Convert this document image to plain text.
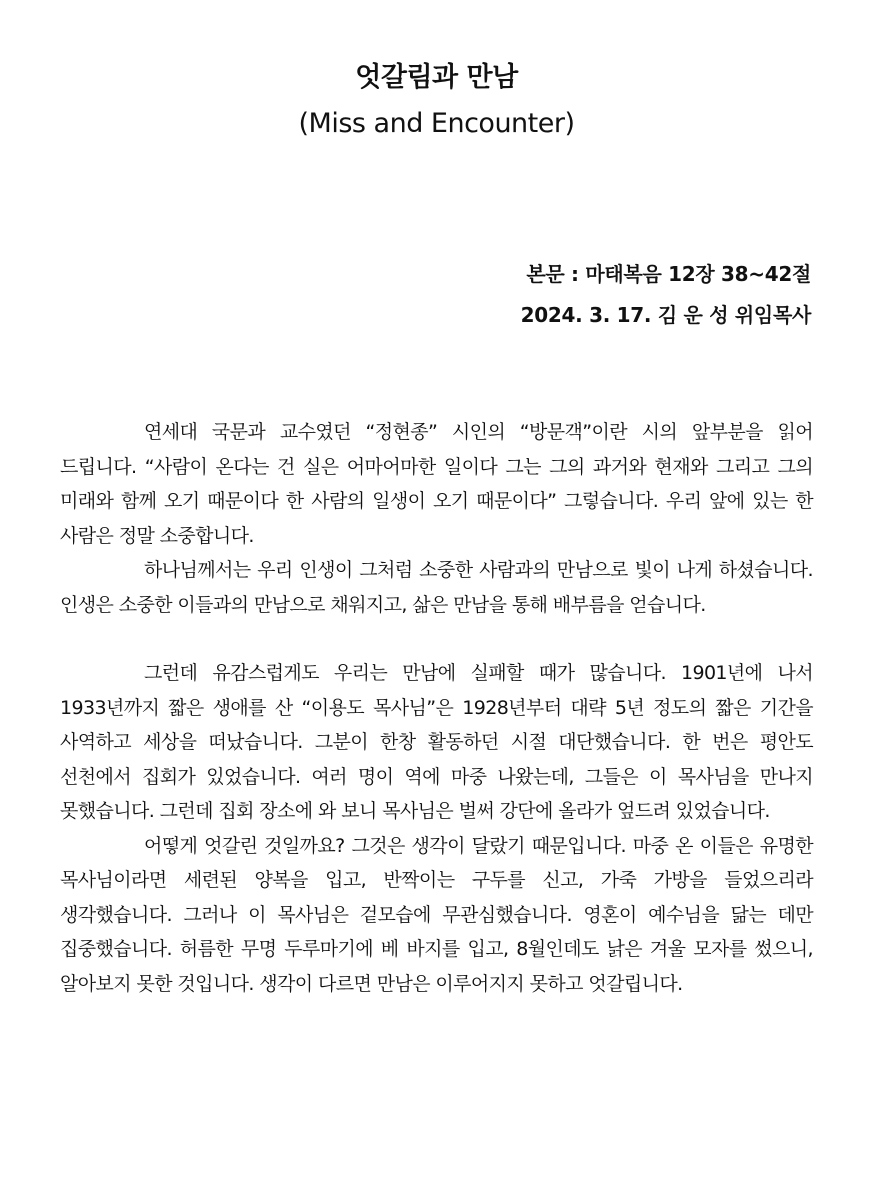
엇갈림과 만남
(Miss and Encounter)
본문 : 마태복음 12장 38~42절
2024. 3. 17. 김 운 성 위임목사

연세대 국문과 교수였던 “정현종” 시인의 “방문객”이란 시의 앞부분을 읽어 드립니다. “사람이 온다는 건 실은 어마어마한 일이다 그는 그의 과거와 현재와 그리고 그의 미래와 함께 오기 때문이다 한 사람의 일생이 오기 때문이다” 그렇습니다. 우리 앞에 있는 한 사람은 정말 소중합니다.

하나님께서는 우리 인생이 그처럼 소중한 사람과의 만남으로 빛이 나게 하셨습니다. 인생은 소중한 이들과의 만남으로 채워지고, 삶은 만남을 통해 배부름을 얻습니다.

그런데 유감스럽게도 우리는 만남에 실패할 때가 많습니다. 1901년에 나서 1933년까지 짧은 생애를 산 “이용도 목사님”은 1928년부터 대략 5년 정도의 짧은 기간을 사역하고 세상을 떠났습니다. 그분이 한창 활동하던 시절 대단했습니다. 한 번은 평안도 선천에서 집회가 있었습니다. 여러 명이 역에 마중 나왔는데, 그들은 이 목사님을 만나지 못했습니다. 그런데 집회 장소에 와 보니 목사님은 벌써 강단에 올라가 엎드려 있었습니다.

어떻게 엇갈린 것일까요? 그것은 생각이 달랐기 때문입니다. 마중 온 이들은 유명한 목사님이라면 세련된 양복을 입고, 반짝이는 구두를 신고, 가죽 가방을 들었으리라 생각했습니다. 그러나 이 목사님은 겉모습에 무관심했습니다. 영혼이 예수님을 닮는 데만 집중했습니다. 허름한 무명 두루마기에 베 바지를 입고, 8월인데도 낡은 겨울 모자를 썼으니, 알아보지 못한 것입니다. 생각이 다르면 만남은 이루어지지 못하고 엇갈립니다.
